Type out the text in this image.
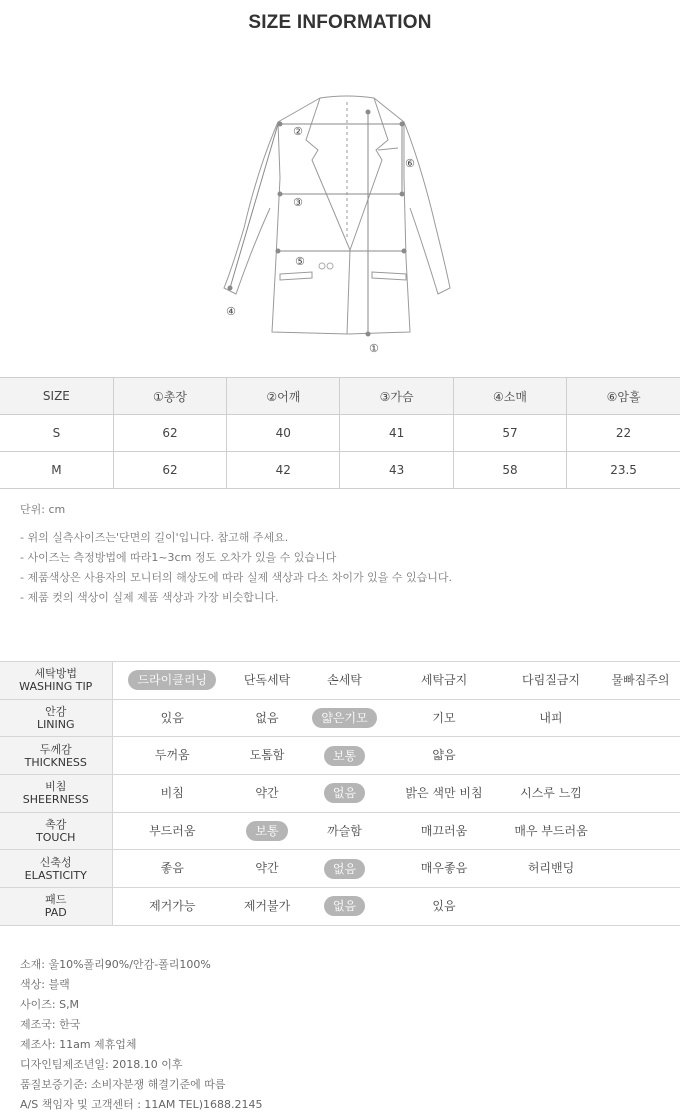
SIZE INFORMATION
①
②
③
④
⑤
⑥
SIZE	①총장	②어깨	③가슴	④소매	⑥암홀
S	62	40	41	57	22
M	62	42	43	58	23.5
단위: cm
- 위의 실측사이즈는'단면의 길이'입니다. 참고해 주세요.
- 사이즈는 측정방법에 따라1~3cm 정도 오차가 있을 수 있습니다
- 제품색상은 사용자의 모니터의 해상도에 따라 실제 색상과 다소 차이가 있을 수 있습니다.
- 제품 컷의 색상이 실제 제품 색상과 가장 비슷합니다.
세탁방법
WASHING TIP	드라이클리닝	단독세탁	손세탁	세탁금지	다림질금지	물빠짐주의

안감
LINING	있음	없음	얇은기모	기모	내피	

두께감
THICKNESS	두꺼움	도톰함	보통	얇음		

비침
SHEERNESS	비침	약간	없음	밝은 색만 비침	시스루 느낌	

촉감
TOUCH	부드러움	보통	까슬함	매끄러움	매우 부드러움	

신축성
ELASTICITY	좋음	약간	없음	매우좋음	허리밴딩	

패드
PAD	제거가능	제거불가	없음	있음		
소재: 울10%폴리90%/안감-폴리100%
색상: 블랙
사이즈: S,M
제조국: 한국
제조사: 11am 제휴업체
디자인팀제조년일: 2018.10 이후
품질보증기준: 소비자분쟁 해결기준에 따름
A/S 책임자 및 고객센터 : 11AM TEL)1688.2145
